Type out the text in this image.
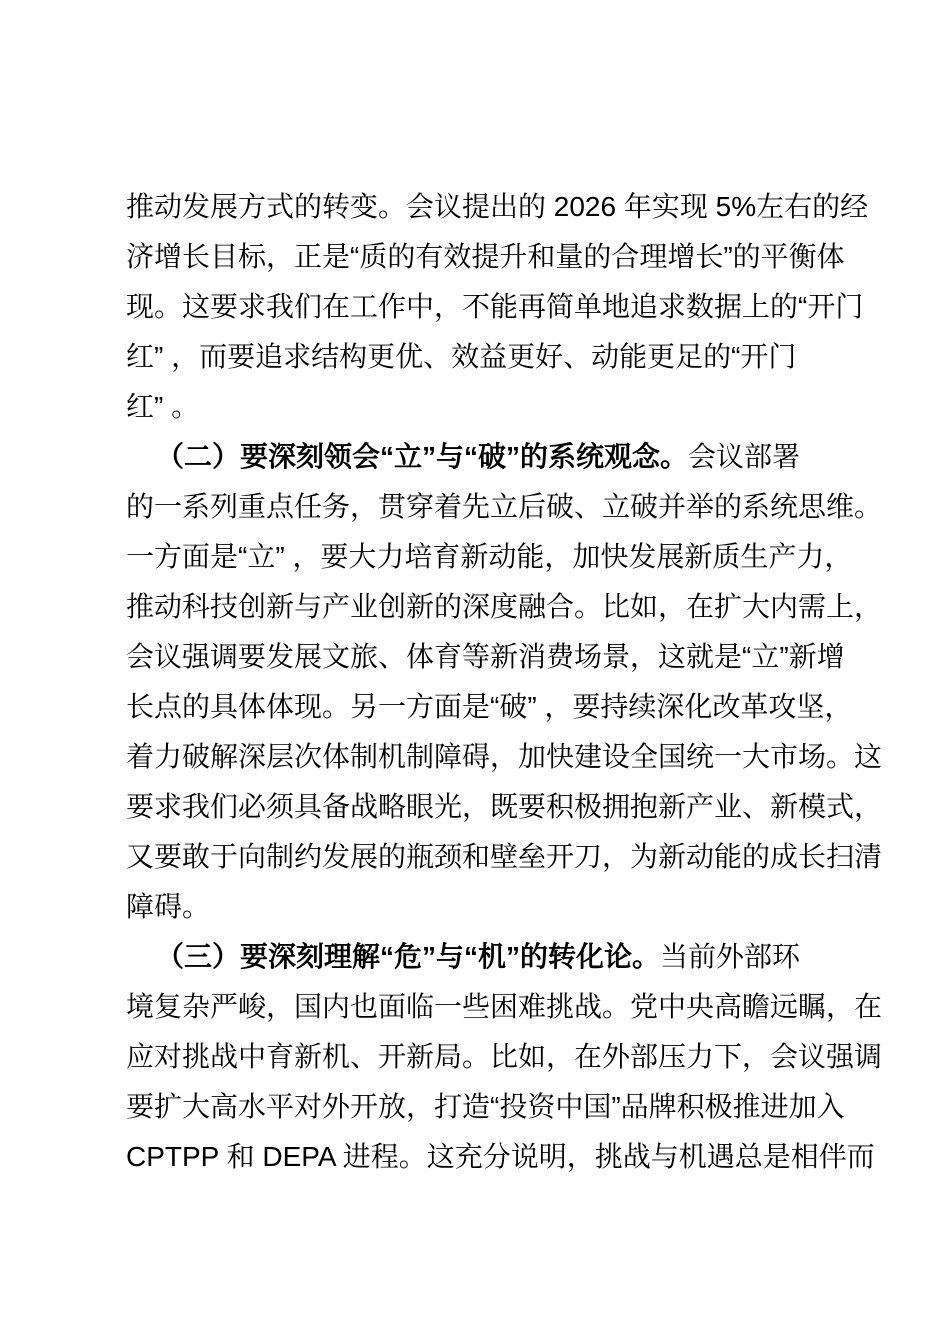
推动发展方式的转变。会议提出的 2026 年实现 5%左右的经
济增长目标，正是“质的有效提升和量的合理增长”的平衡体
现。这要求我们在工作中，不能再简单地追求数据上的“开门
红” ，而要追求结构更优、效益更好、动能更足的“开门
红” 。
（二）要深刻领会“立”与“破”的系统观念。会议部署
的一系列重点任务，贯穿着先立后破、立破并举的系统思维。
一方面是“立” ，要大力培育新动能，加快发展新质生产力，
推动科技创新与产业创新的深度融合。比如，在扩大内需上，
会议强调要发展文旅、体育等新消费场景，这就是“立”新增
长点的具体体现。另一方面是“破” ，要持续深化改革攻坚，
着力破解深层次体制机制障碍，加快建设全国统一大市场。这
要求我们必须具备战略眼光，既要积极拥抱新产业、新模式，
又要敢于向制约发展的瓶颈和壁垒开刀，为新动能的成长扫清
障碍。
（三）要深刻理解“危”与“机”的转化论。当前外部环
境复杂严峻，国内也面临一些困难挑战。党中央高瞻远瞩，在
应对挑战中育新机、开新局。比如，在外部压力下，会议强调
要扩大高水平对外开放，打造“投资中国”品牌积极推进加入
CPTPP 和 DEPA 进程。这充分说明，挑战与机遇总是相伴而
